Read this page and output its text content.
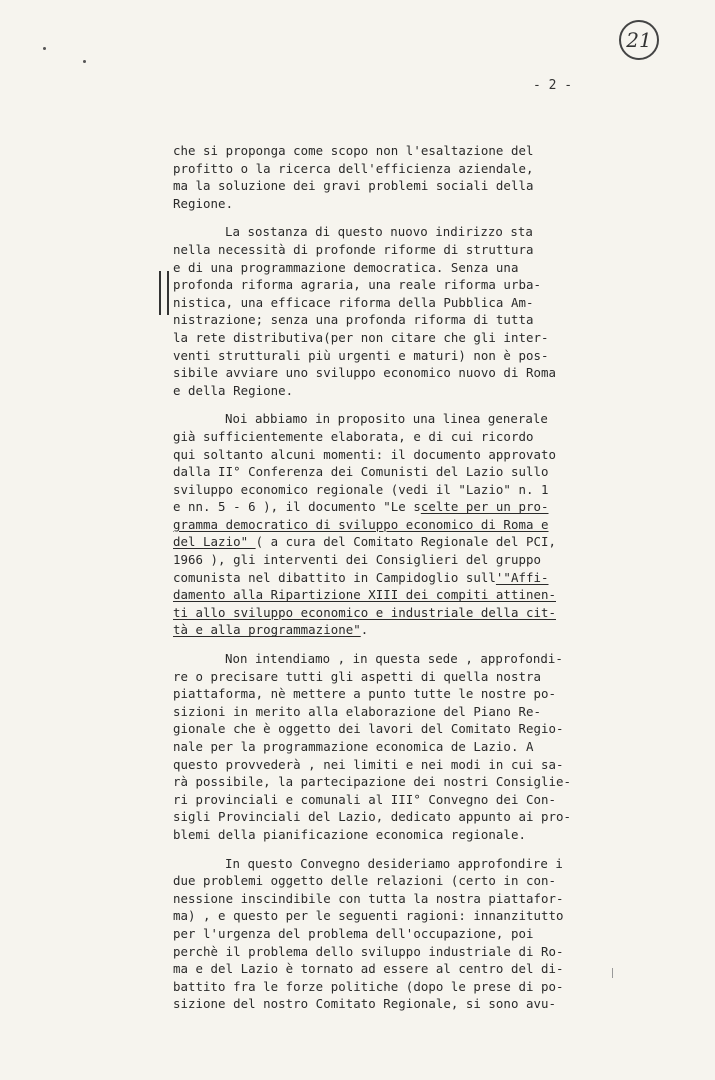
21
- 2 -
che si proponga come scopo non l'esaltazione del
profitto o la ricerca dell'efficienza aziendale,
ma la soluzione dei gravi problemi sociali della
Regione.
La sostanza di questo nuovo indirizzo sta
nella necessità di profonde riforme di struttura
e di una programmazione democratica. Senza una
profonda riforma agraria, una reale riforma urba-
nistica, una efficace riforma della Pubblica Am-
nistrazione; senza una profonda riforma di tutta
la rete distributiva(per non citare che gli inter-
venti strutturali più urgenti e maturi) non è pos-
sibile avviare uno sviluppo economico nuovo di Roma
e della Regione.
Noi abbiamo in proposito una linea generale
già sufficientemente elaborata, e di cui ricordo
qui soltanto alcuni momenti: il documento approvato
dalla II° Conferenza dei Comunisti del Lazio sullo
sviluppo economico regionale (vedi il "Lazio" n. 1
e nn. 5 - 6 ), il documento "Le scelte per un pro-
gramma democratico di sviluppo economico di Roma e
del Lazio" ( a cura del Comitato Regionale del PCI,
1966 ), gli interventi dei Consiglieri del gruppo
comunista nel dibattito in Campidoglio sull'"Affi-
damento alla Ripartizione XIII dei compiti attinen-
ti allo sviluppo economico e industriale della cit-
tà e alla programmazione".
Non intendiamo , in questa sede , approfondi-
re o precisare tutti gli aspetti di quella nostra
piattaforma, nè mettere a punto tutte le nostre po-
sizioni in merito alla elaborazione del Piano Re-
gionale che è oggetto dei lavori del Comitato Regio-
nale per la programmazione economica de Lazio. A
questo provvederà , nei limiti e nei modi in cui sa-
rà possibile, la partecipazione dei nostri Consiglie-
ri provinciali e comunali al III° Convegno dei Con-
sigli Provinciali del Lazio, dedicato appunto ai pro-
blemi della pianificazione economica regionale.
In questo Convegno desideriamo approfondire i
due problemi oggetto delle relazioni (certo in con-
nessione inscindibile con tutta la nostra piattafor-
ma) , e questo per le seguenti ragioni: innanzitutto
per l'urgenza del problema dell'occupazione, poi
perchè il problema dello sviluppo industriale di Ro-
ma e del Lazio è tornato ad essere al centro del di-
battito fra le forze politiche (dopo le prese di po-
sizione del nostro Comitato Regionale, si sono avu-
